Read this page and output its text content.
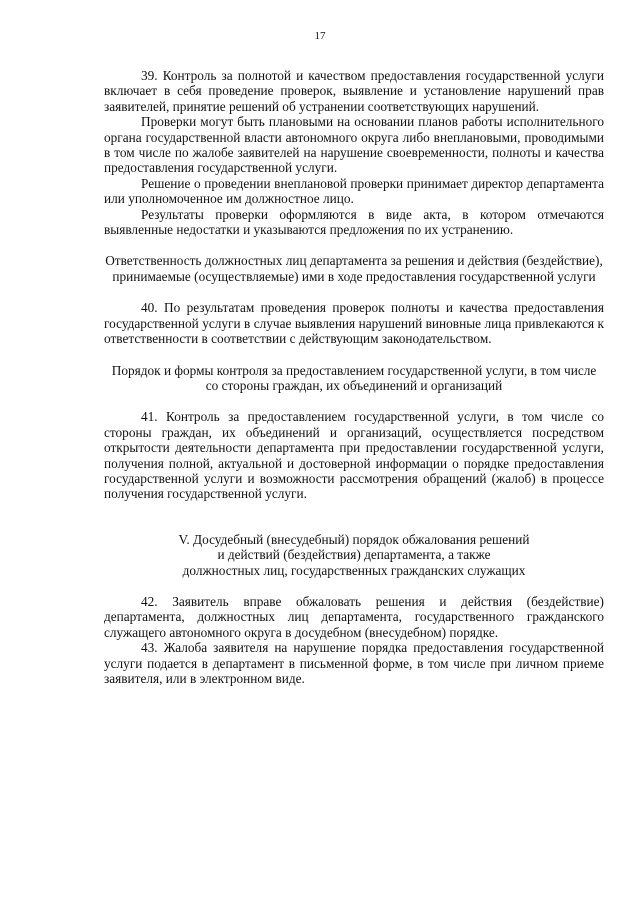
17

39. Контроль за полнотой и качеством предоставления государственной услуги включает в себя проведение проверок, выявление и установление нарушений прав заявителей, принятие решений об устранении соответствующих нарушений.

Проверки могут быть плановыми на основании планов работы исполнительного органа государственной власти автономного округа либо внеплановыми, проводимыми в том числе по жалобе заявителей на нарушение своевременности, полноты и качества предоставления государственной услуги.

Решение о проведении внеплановой проверки принимает директор департамента или уполномоченное им должностное лицо.

Результаты проверки оформляются в виде акта, в котором отмечаются выявленные недостатки и указываются предложения по их устранению.

Ответственность должностных лиц департамента за решения и действия (бездействие), принимаемые (осуществляемые) ими в ходе предоставления государственной услуги

40. По результатам проведения проверок полноты и качества предоставления государственной услуги в случае выявления нарушений виновные лица привлекаются к ответственности в соответствии с действующим законодательством.

Порядок и формы контроля за предоставлением государственной услуги, в том числе со стороны граждан, их объединений и организаций

41. Контроль за предоставлением государственной услуги, в том числе со стороны граждан, их объединений и организаций, осуществляется посредством открытости деятельности департамента при предоставлении государственной услуги, получения полной, актуальной и достоверной информации о порядке предоставления государственной услуги и возможности рассмотрения обращений (жалоб) в процессе получения государственной услуги.

V. Досудебный (внесудебный) порядок обжалования решений
и действий (бездействия) департамента, а также
должностных лиц, государственных гражданских служащих

42. Заявитель вправе обжаловать решения и действия (бездействие) департамента, должностных лиц департамента, государственного гражданского служащего автономного округа в досудебном (внесудебном) порядке.

43. Жалоба заявителя на нарушение порядка предоставления государственной услуги подается в департамент в письменной форме, в том числе при личном приеме заявителя, или в электронном виде.
